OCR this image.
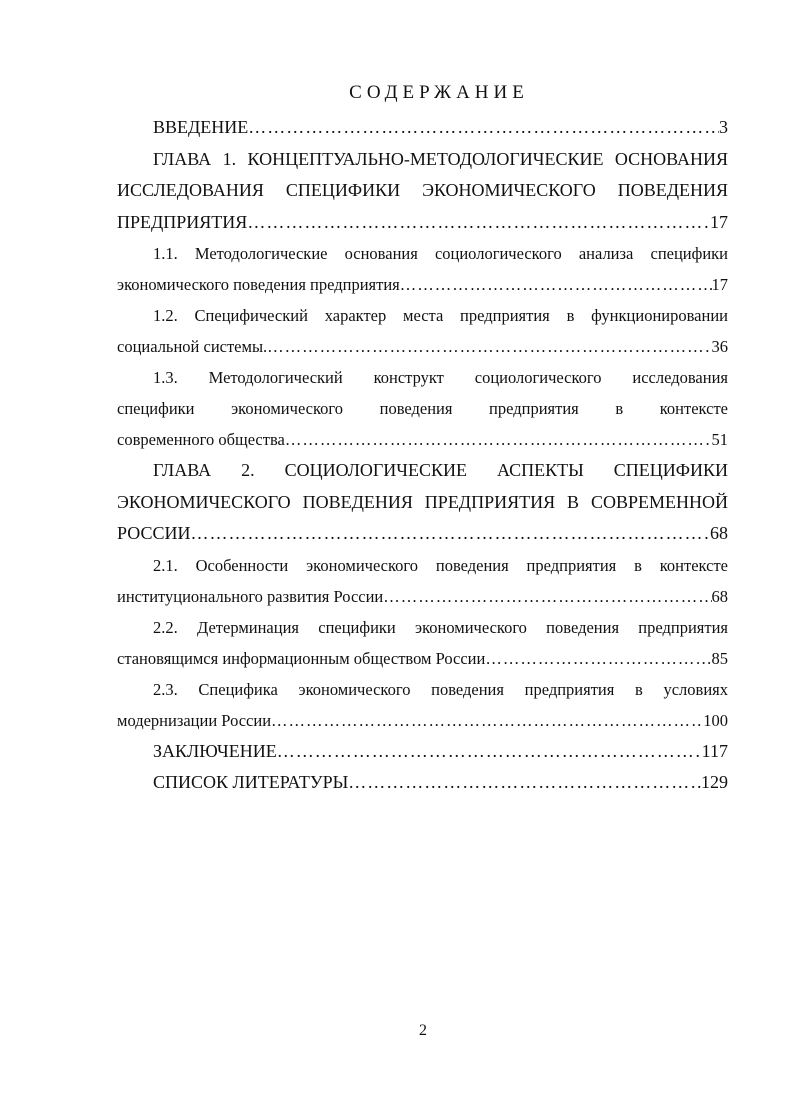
СОДЕРЖАНИЕ
ВВЕДЕНИЕ ……………………………………………………………………………………………………………………………………………	3
ГЛАВА 1. КОНЦЕПТУАЛЬНО-МЕТОДОЛОГИЧЕСКИЕ ОСНОВАНИЯ
ИССЛЕДОВАНИЯ СПЕЦИФИКИ ЭКОНОМИЧЕСКОГО ПОВЕДЕНИЯ
ПРЕДПРИЯТИЯ ……………………………………………………………………………………………………………………………………………	17
1.1. Методологические основания социологического анализа специфики
экономического поведения предприятия ……………………………………………………………………………………………………………………………………………	17
1.2. Специфический характер места предприятия в функционировании
социальной системы. ……………………………………………………………………………………………………………………………………………	36
1.3. Методологический конструкт социологического исследования
специфики экономического поведения предприятия в контексте
современного общества ……………………………………………………………………………………………………………………………………………	51
ГЛАВА 2. СОЦИОЛОГИЧЕСКИЕ АСПЕКТЫ СПЕЦИФИКИ
ЭКОНОМИЧЕСКОГО ПОВЕДЕНИЯ ПРЕДПРИЯТИЯ В СОВРЕМЕННОЙ
РОССИИ ……………………………………………………………………………………………………………………………………………	68
2.1. Особенности экономического поведения предприятия в контексте
институционального развития России ……………………………………………………………………………………………………………………………………………	68
2.2. Детерминация специфики экономического поведения предприятия
становящимся информационным обществом России ……………………………………………………………………………………………………………………………………………	85
2.3. Специфика экономического поведения предприятия в условиях
модернизации России ……………………………………………………………………………………………………………………………………………	100
ЗАКЛЮЧЕНИЕ ……………………………………………………………………………………………………………………………………………	117
СПИСОК ЛИТЕРАТУРЫ ……………………………………………………………………………………………………………………………………………	129
2
